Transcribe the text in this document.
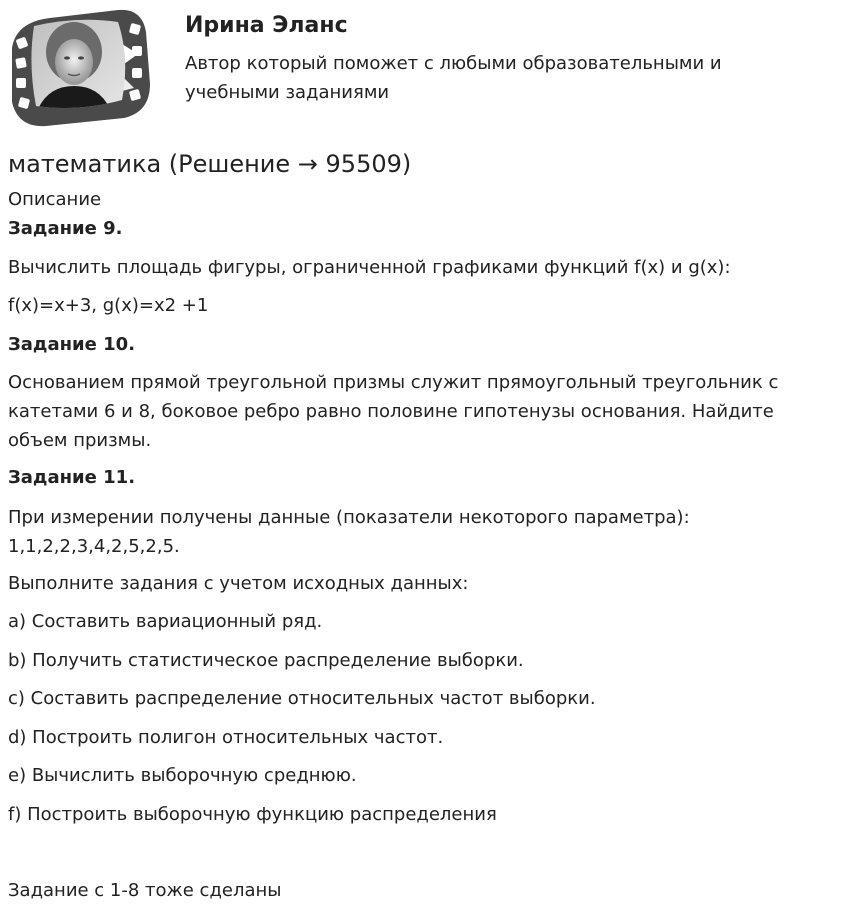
Ирина Эланс
Автор который поможет с любыми образовательными и учебными заданиями
математика (Решение → 95509)
Описание
Задание 9.
Вычислить площадь фигуры, ограниченной графиками функций f(x) и g(x):
f(x)=x+3, g(x)=x2 +1
Задание 10.
Основанием прямой треугольной призмы служит прямоугольный треугольник с катетами 6 и 8, боковое ребро равно половине гипотенузы основания. Найдите объем призмы.
Задание 11.
При измерении получены данные (показатели некоторого параметра): 1,1,2,2,3,4,2,5,2,5.
Выполните задания с учетом исходных данных:
a) Составить вариационный ряд.
b) Получить статистическое распределение выборки.
c) Составить распределение относительных частот выборки.
d) Построить полигон относительных частот.
e) Вычислить выборочную среднюю.
f) Построить выборочную функцию распределения
Задание с 1-8 тоже сделаны
